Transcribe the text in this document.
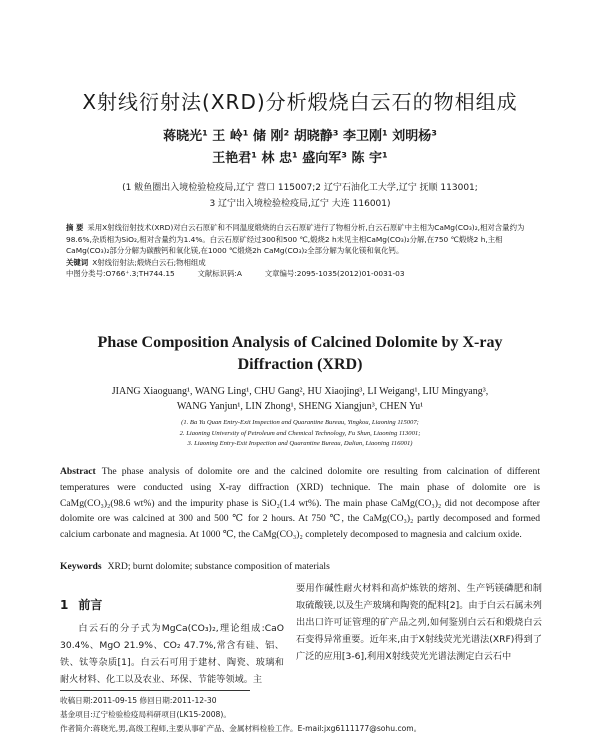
X射线衍射法(XRD)分析煅烧白云石的物相组成
蒋晓光¹ 王 岭¹ 储 刚² 胡晓静³ 李卫刚¹ 刘明杨³
王艳君¹ 林 忠¹ 盛向军³ 陈 宇¹
(1 鲅鱼圈出入境检验检疫局,辽宁 营口 115007;2 辽宁石油化工大学,辽宁 抚顺 113001;
3 辽宁出入境检验检疫局,辽宁 大连 116001)
摘 要 采用X射线衍射技术(XRD)对白云石原矿和不同温度煅烧的白云石原矿进行了物相分析,白云石原矿中主相为CaMg(CO₃)₂,相对含量约为98.6%,杂质相为SiO₂,相对含量约为1.4%。白云石原矿经过300和500 ℃,煅烧2 h未见主相CaMg(CO₃)₂分解,在750 ℃煅烧2 h,主相CaMg(CO₃)₂部分分解为碳酸钙和氧化镁,在1000 ℃煅烧2h CaMg(CO₃)₂全部分解为氧化镁和氧化钙。
关键词 X射线衍射法;煅烧白云石;物相组成
中图分类号:O766⁺.3;TH744.15	文献标识码:A	文章编号:2095-1035(2012)01-0031-03
Phase Composition Analysis of Calcined Dolomite by X-ray
Diffraction (XRD)
JIANG Xiaoguang¹, WANG Ling¹, CHU Gang², HU Xiaojing³, LI Weigang¹, LIU Mingyang³,
WANG Yanjun¹, LIN Zhong¹, SHENG Xiangjun³, CHEN Yu¹
(1. Ba Yu Quan Entry-Exit Inspection and Quarantine Bureau, Yingkou, Liaoning 115007;
2. Liaoning University of Petroleum and Chemical Technology, Fu Shun, Liaoning 113001;
3. Liaoning Entry-Exit Inspection and Quarantine Bureau, Dalian, Liaoning 116001)
Abstract The phase analysis of dolomite ore and the calcined dolomite ore resulting from calcination of different temperatures were conducted using X-ray diffraction (XRD) technique. The main phase of dolomite ore is CaMg(CO₃)₂(98.6 wt%) and the impurity phase is SiO₂(1.4 wt%). The main phase CaMg(CO₃)₂ did not decompose after dolomite ore was calcined at 300 and 500 ℃ for 2 hours. At 750 ℃, the CaMg(CO₃)₂ partly decomposed and formed calcium carbonate and magnesia. At 1000 ℃, the CaMg(CO₃)₂ completely decomposed to magnesia and calcium oxide.
Keywords XRD; burnt dolomite; substance composition of materials
1 前言

白云石的分子式为MgCa(CO₃)₂,理论组成:CaO 30.4%、MgO 21.9%、CO₂ 47.7%,常含有硅、铝、铁、钛等杂质[1]。白云石可用于建材、陶瓷、玻璃和耐火材料、化工以及农业、环保、节能等领域。主

要用作碱性耐火材料和高炉炼铁的熔剂、生产钙镁磷肥和制取硫酸镁,以及生产玻璃和陶瓷的配料[2]。由于白云石属未列出出口许可证管理的矿产品之列,如何鉴别白云石和煅烧白云石变得异常重要。近年来,由于X射线荧光光谱法(XRF)得到了广泛的应用[3-6],利用X射线荧光光谱法测定白云石中

收稿日期:2011-09-15 修回日期:2011-12-30
基金项目:辽宁检验检疫局科研项目(LK15-2008)。
作者简介:蒋晓光,男,高级工程师,主要从事矿产品、金属材料检验工作。E-mail:jxg6111177@sohu.com。
